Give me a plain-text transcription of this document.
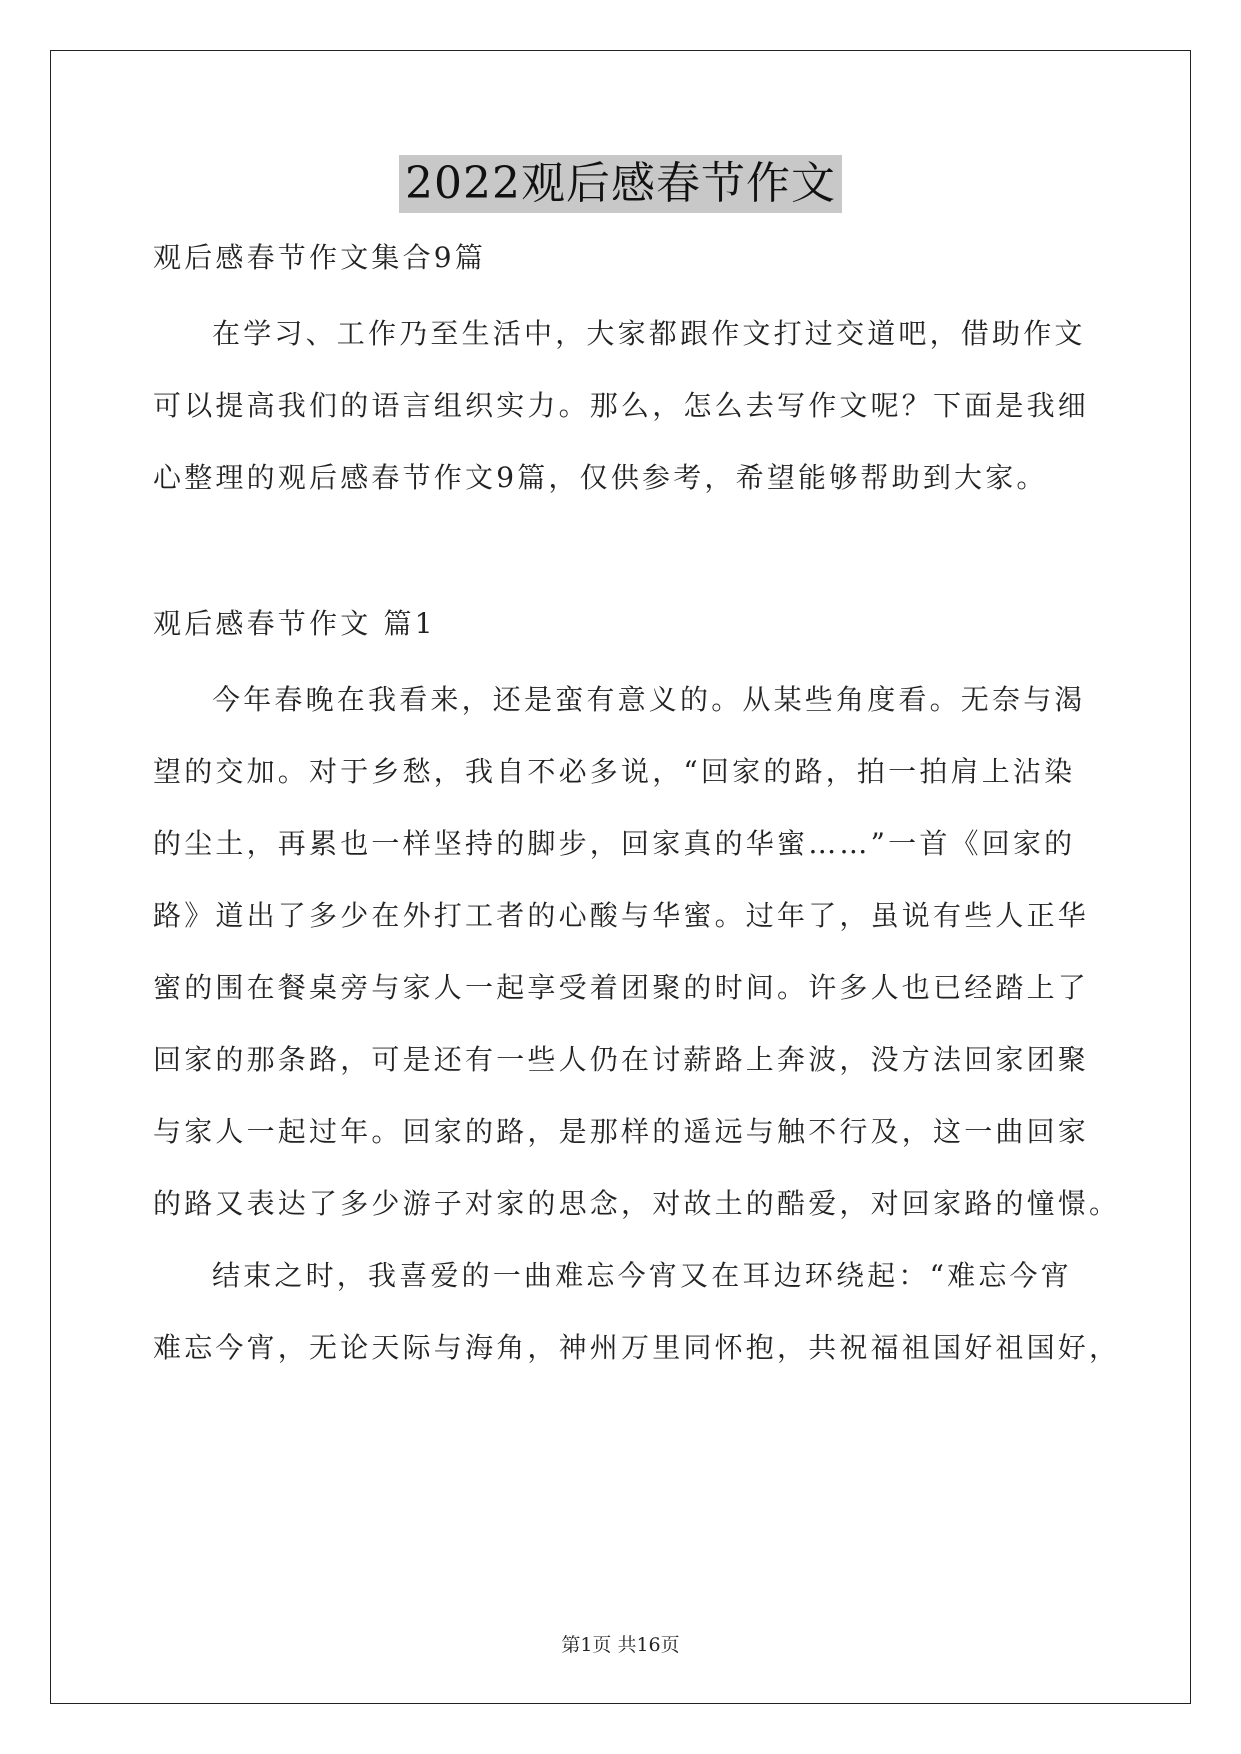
2022观后感春节作文
观后感春节作文集合9篇
在学习、工作乃至生活中，大家都跟作文打过交道吧，借助作文
可以提高我们的语言组织实力。那么，怎么去写作文呢？下面是我细
心整理的观后感春节作文9篇，仅供参考，希望能够帮助到大家。
观后感春节作文 篇1
今年春晚在我看来，还是蛮有意义的。从某些角度看。无奈与渴
望的交加。对于乡愁，我自不必多说，“回家的路，拍一拍肩上沾染
的尘土，再累也一样坚持的脚步，回家真的华蜜……”一首《回家的
路》道出了多少在外打工者的心酸与华蜜。过年了，虽说有些人正华
蜜的围在餐桌旁与家人一起享受着团聚的时间。许多人也已经踏上了
回家的那条路，可是还有一些人仍在讨薪路上奔波，没方法回家团聚
与家人一起过年。回家的路，是那样的遥远与触不行及，这一曲回家
的路又表达了多少游子对家的思念，对故土的酷爱，对回家路的憧憬。
结束之时，我喜爱的一曲难忘今宵又在耳边环绕起：“难忘今宵
难忘今宵，无论天际与海角，神州万里同怀抱，共祝福祖国好祖国好，
第1页 共16页
